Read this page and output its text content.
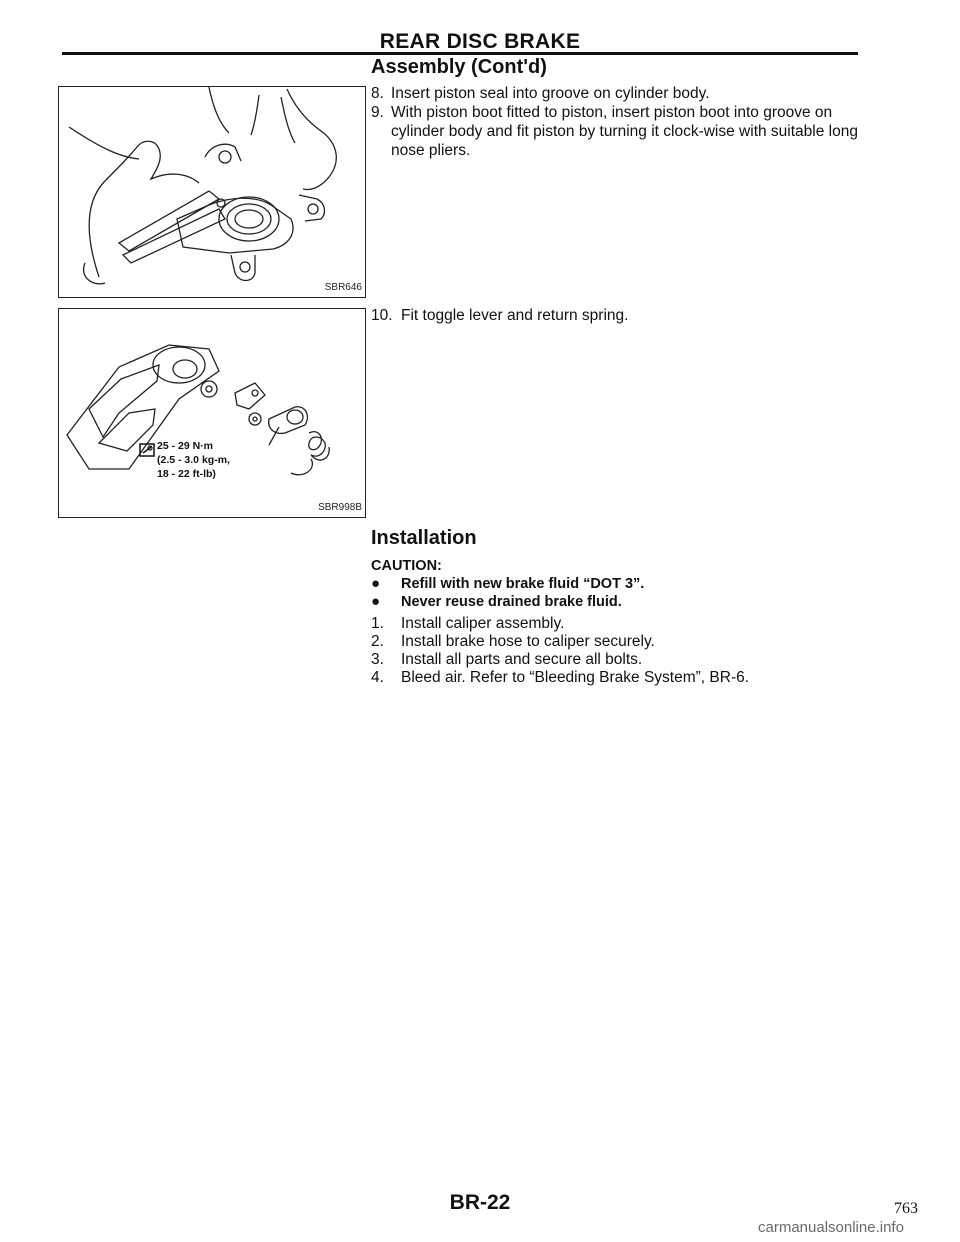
REAR DISC BRAKE
Assembly (Cont'd)
8. Insert piston seal into groove on cylinder body.
9. With piston boot fitted to piston, insert piston boot into groove on cylinder body and fit piston by turning it clock-wise with suitable long nose pliers.
10. Fit toggle lever and return spring.
SBR646
25 - 29 N·m
(2.5 - 3.0 kg-m,
18 - 22 ft-lb)
SBR998B
Installation
CAUTION:
● Refill with new brake fluid “DOT 3”.
● Never reuse drained brake fluid.
1. Install caliper assembly.
2. Install brake hose to caliper securely.
3. Install all parts and secure all bolts.
4. Bleed air. Refer to “Bleeding Brake System”, BR-6.
BR-22	763
carmanualsonline.info
